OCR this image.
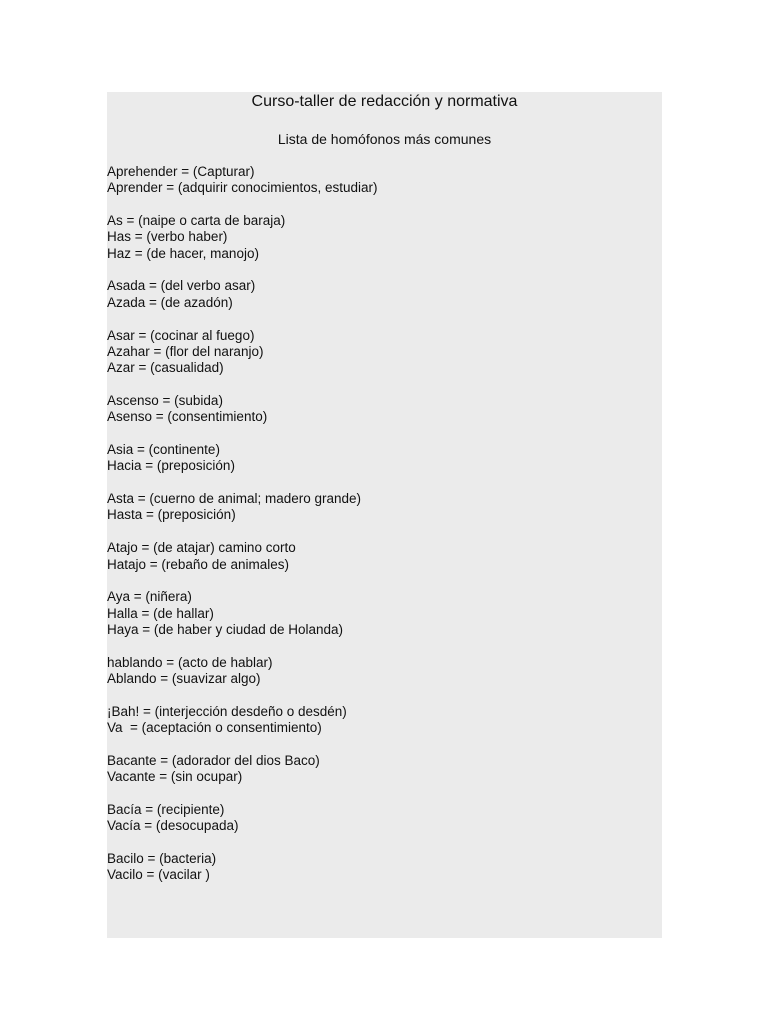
Curso-taller de redacción y normativa
Lista de homófonos más comunes
Aprehender = (Capturar)
Aprender = (adquirir conocimientos, estudiar)
As = (naipe o carta de baraja)
Has = (verbo haber)
Haz = (de hacer, manojo)
Asada = (del verbo asar)
Azada = (de azadón)
Asar = (cocinar al fuego)
Azahar = (flor del naranjo)
Azar = (casualidad)
Ascenso = (subida)
Asenso = (consentimiento)
Asia = (continente)
Hacia = (preposición)
Asta = (cuerno de animal; madero grande)
Hasta = (preposición)
Atajo = (de atajar) camino corto
Hatajo = (rebaño de animales)
Aya = (niñera)
Halla = (de hallar)
Haya = (de haber y ciudad de Holanda)
hablando = (acto de hablar)
Ablando = (suavizar algo)
¡Bah! = (interjección desdeño o desdén)
Va  = (aceptación o consentimiento)
Bacante = (adorador del dios Baco)
Vacante = (sin ocupar)
Bacía = (recipiente)
Vacía = (desocupada)
Bacilo = (bacteria)
Vacilo = (vacilar )
